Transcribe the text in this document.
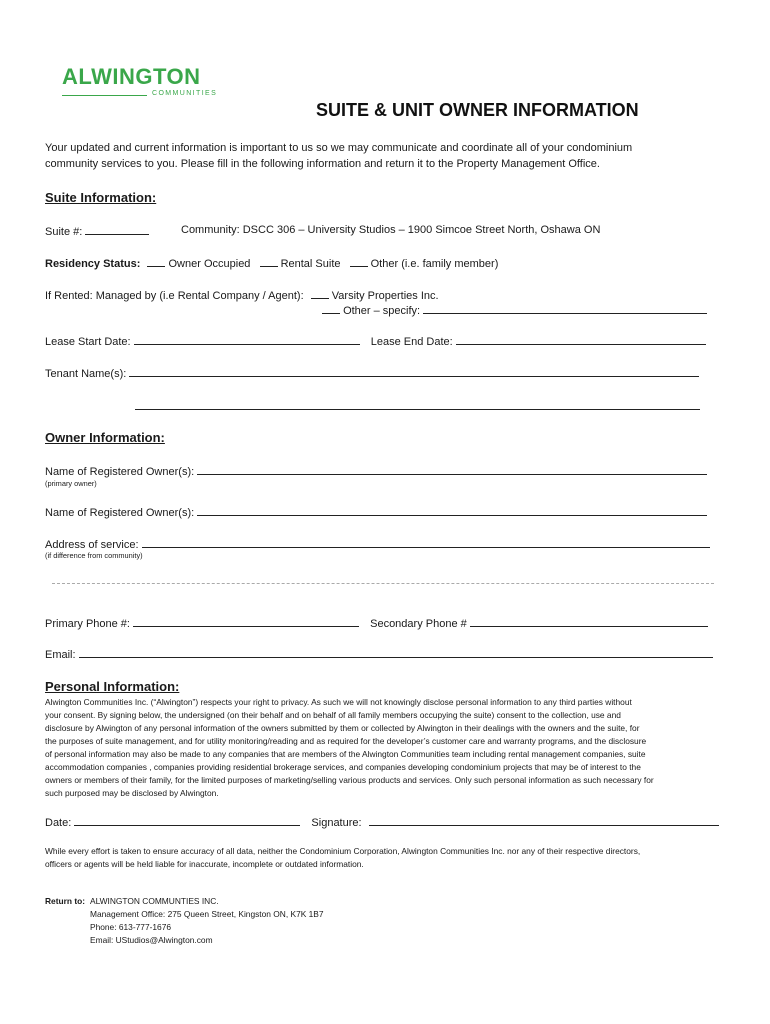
ALWINGTON
COMMUNITIES
SUITE & UNIT OWNER INFORMATION
Your updated and current information is important to us so we may communicate and coordinate all of your condominium
community services to you. Please fill in the following information and return it to the Property Management Office.
Suite Information:
Suite #:	Community: DSCC 306 – University Studios – 1900 Simcoe Street North, Oshawa ON
Residency Status:	Owner Occupied	Rental Suite	Other (i.e. family member)
If Rented: Managed by (i.e Rental Company / Agent):	Varsity Properties Inc.
Other – specify:
Lease Start Date:	Lease End Date:
Tenant Name(s):
Owner Information:
Name of Registered Owner(s):
(primary owner)
Name of Registered Owner(s):
Address of service:
(if difference from community)
Primary Phone #:	Secondary Phone #
Email:
Personal Information:
Alwington Communities Inc. (“Alwington”) respects your right to privacy. As such we will not knowingly disclose personal information to any third parties without
your consent. By signing below, the undersigned (on their behalf and on behalf of all family members occupying the suite) consent to the collection, use and
disclosure by Alwington of any personal information of the owners submitted by them or collected by Alwington in their dealings with the owners and the suite, for
the purposes of suite management, and for utility monitoring/reading and as required for the developer’s customer care and warranty programs, and the disclosure
of personal information may also be made to any companies that are members of the Alwington Communities team including rental management companies, suite
accommodation companies , companies providing residential brokerage services, and companies developing condominium projects that may be of interest to the
owners or members of their family, for the limited purposes of marketing/selling various products and services. Only such personal information as such necessary for
such purposed may be disclosed by Alwington.
Date:	Signature:
While every effort is taken to ensure accuracy of all data, neither the Condominium Corporation, Alwington Communities Inc. nor any of their respective directors,
officers or agents will be held liable for inaccurate, incomplete or outdated information.
Return to: ALWINGTON COMMUNTIES INC.
Management Office: 275 Queen Street, Kingston ON, K7K 1B7
Phone: 613-777-1676
Email: UStudios@Alwington.com
